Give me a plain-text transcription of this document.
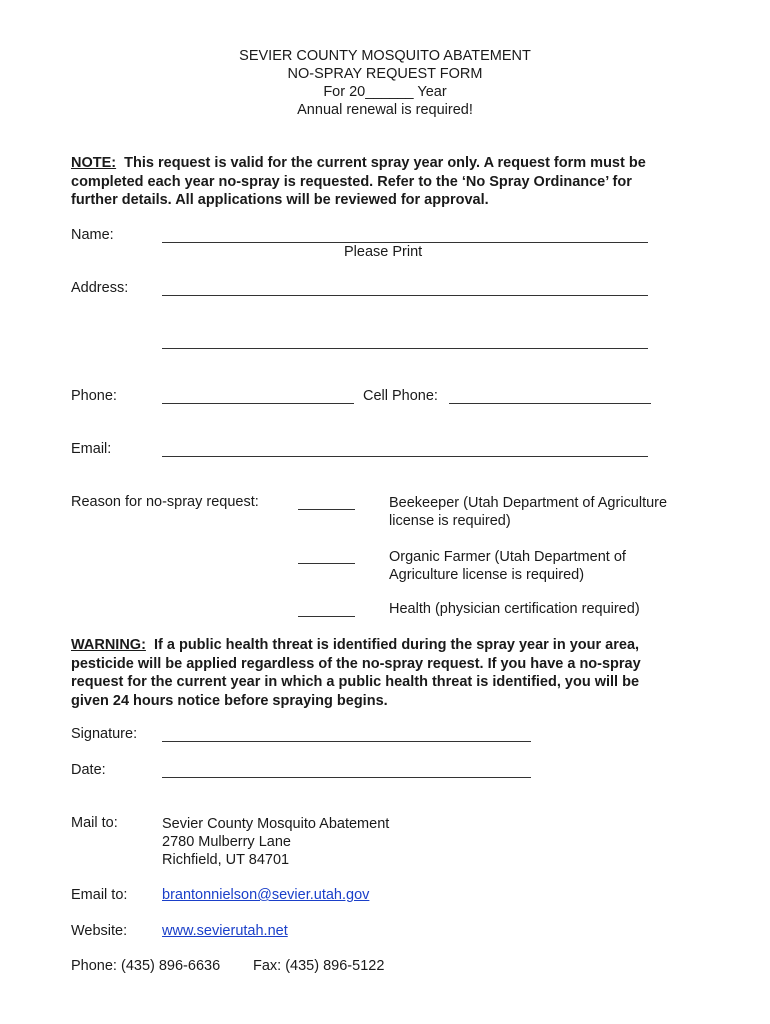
SEVIER COUNTY MOSQUITO ABATEMENT
NO-SPRAY REQUEST FORM
For 20______ Year
Annual renewal is required!
NOTE: This request is valid for the current spray year only. A request form must be
completed each year no-spray is requested. Refer to the ‘No Spray Ordinance’ for
further details. All applications will be reviewed for approval.
Name:
Please Print
Address:
Phone:	Cell Phone:
Email:
Reason for no-spray request:	Beekeeper (Utah Department of Agriculture
license is required)
Organic Farmer (Utah Department of
Agriculture license is required)
Health (physician certification required)
WARNING: If a public health threat is identified during the spray year in your area,
pesticide will be applied regardless of the no-spray request. If you have a no-spray
request for the current year in which a public health threat is identified, you will be
given 24 hours notice before spraying begins.
Signature:
Date:
Mail to:	Sevier County Mosquito Abatement
2780 Mulberry Lane
Richfield, UT 84701
Email to: brantonnielson@sevier.utah.gov
Website: www.sevierutah.net
Phone: (435) 896-6636 Fax: (435) 896-5122
